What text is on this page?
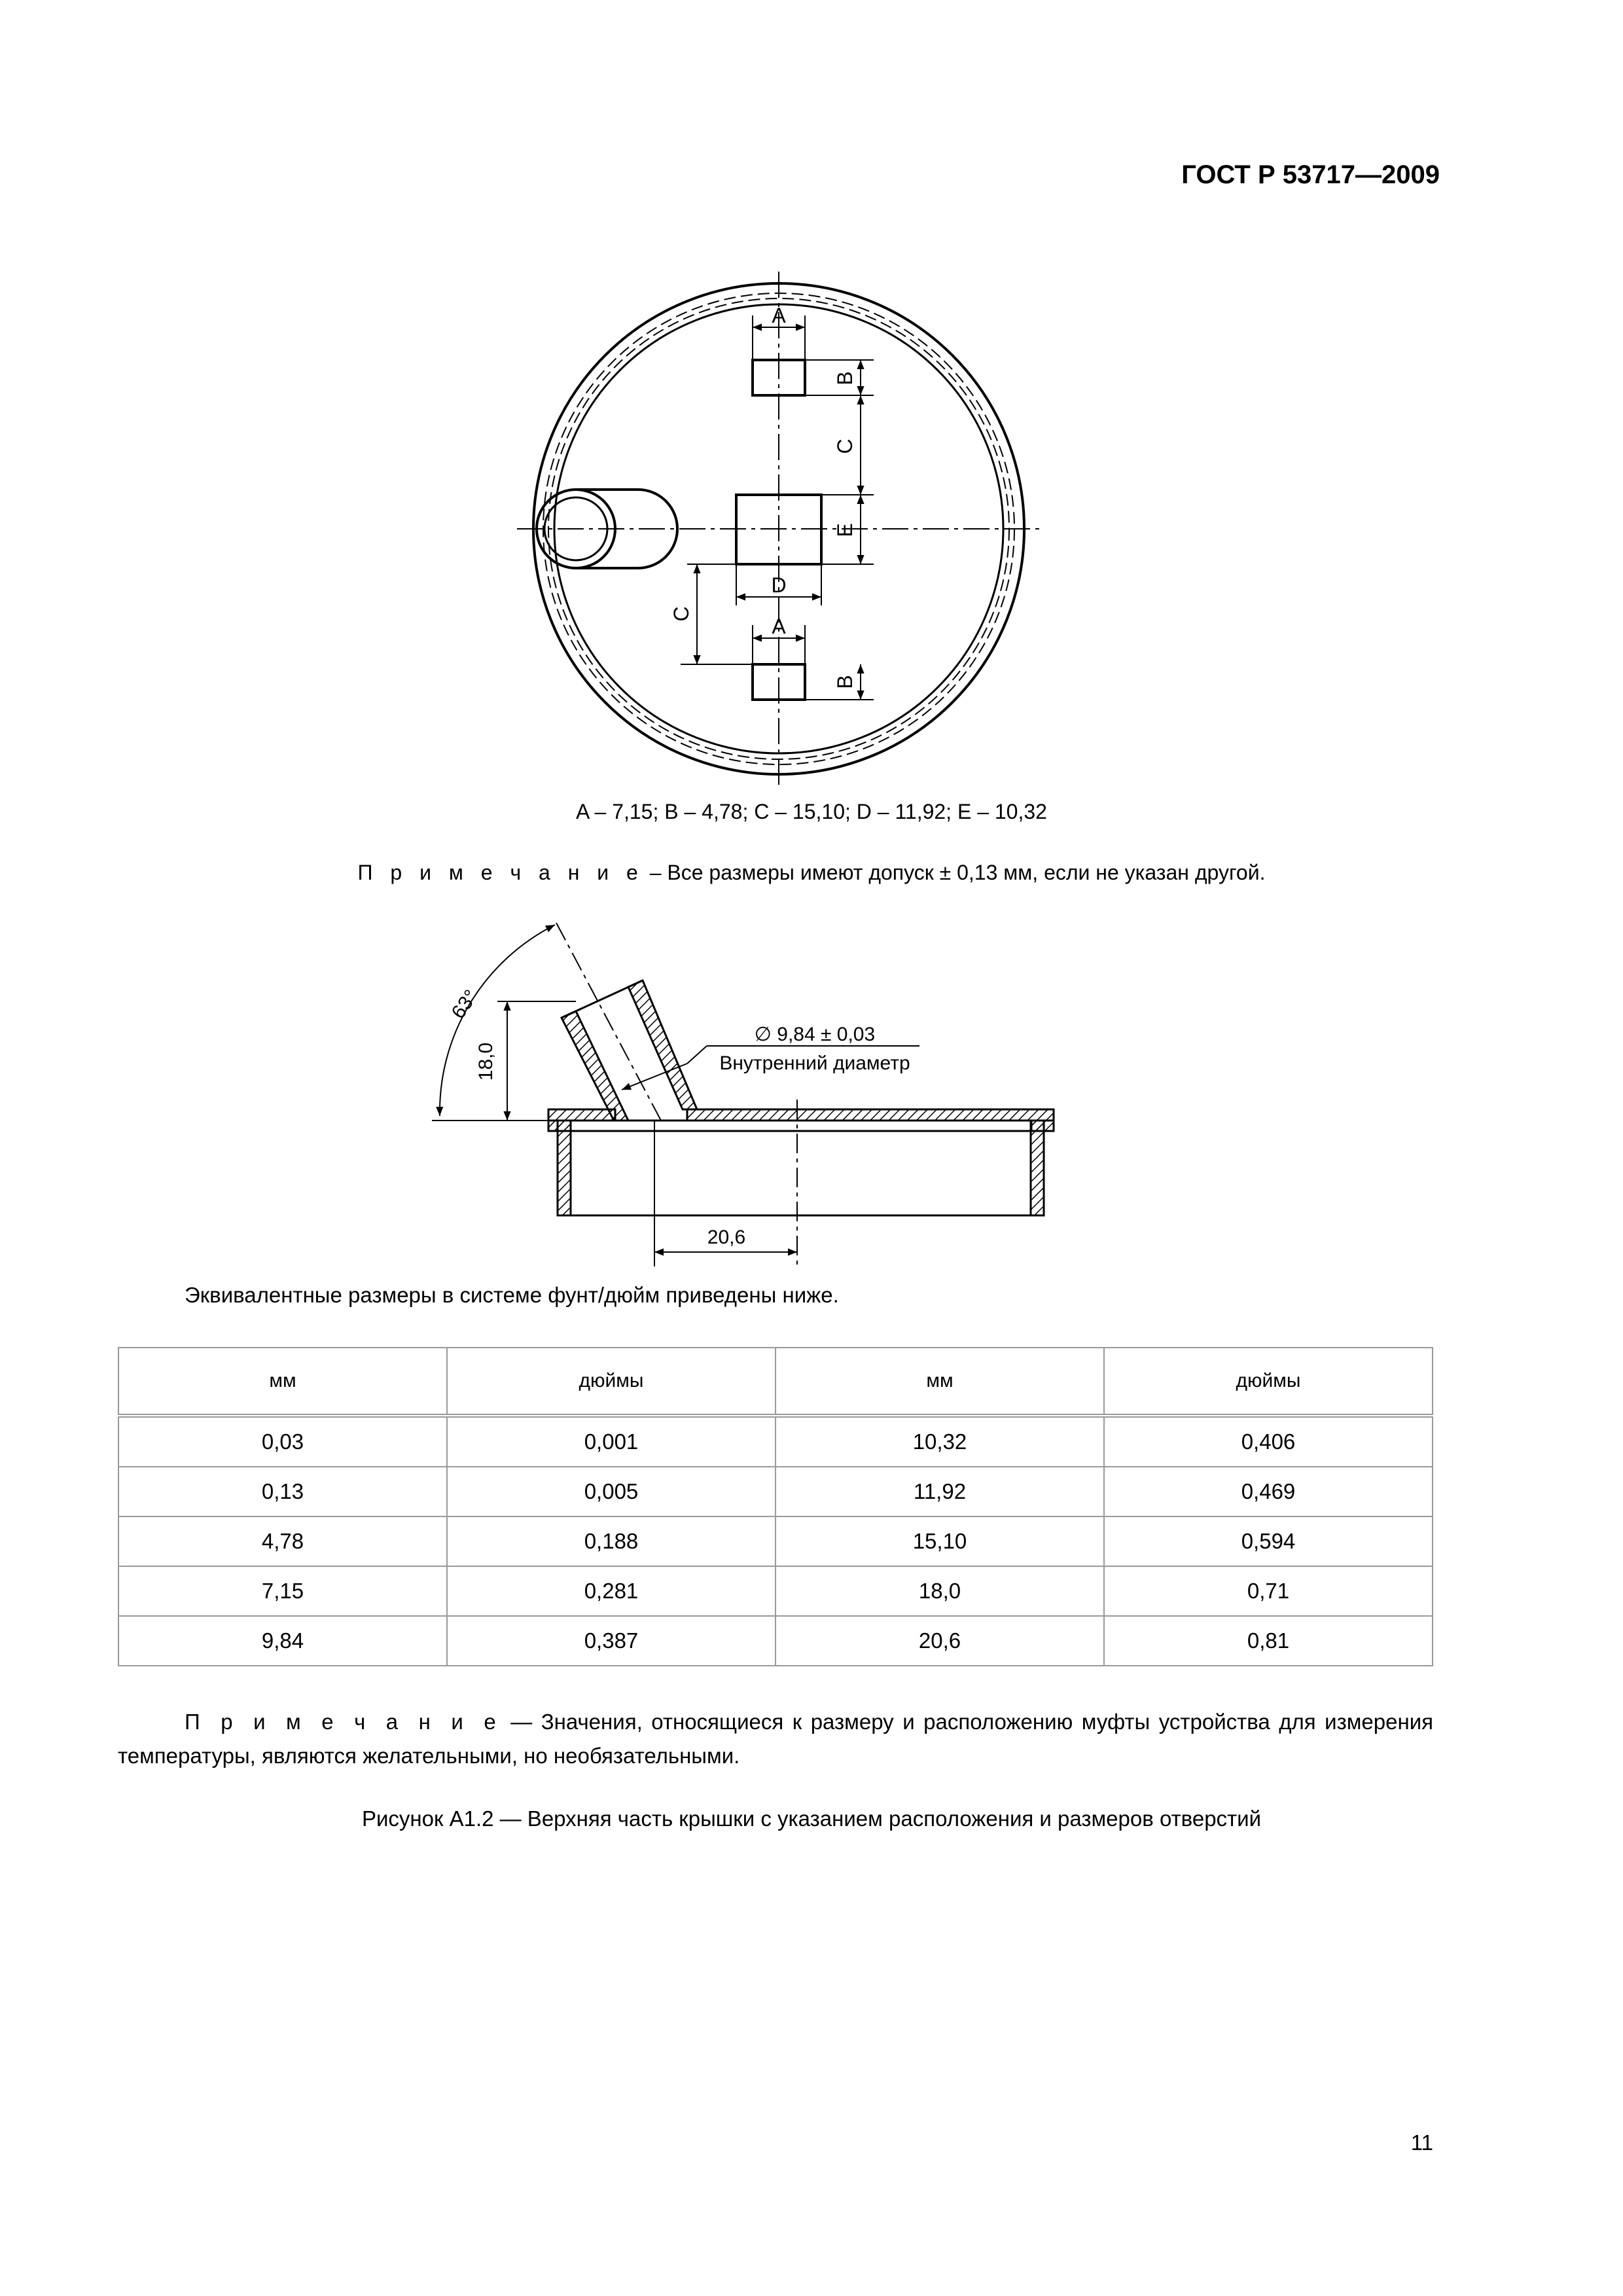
ГОСТ Р 53717—2009
A
B
C
E
D
C
A
B
63°
18,0
∅ 9,84 ± 0,03
Внутренний диаметр
20,6
A – 7,15; B – 4,78; C – 15,10; D – 11,92; E – 10,32
П р и м е ч а н и е – Все размеры имеют допуск ± 0,13 мм, если не указан другой.
Эквивалентные размеры в системе фунт/дюйм приведены ниже.
мм	дюймы	мм	дюймы
0,03	0,001	10,32	0,406
0,13	0,005	11,92	0,469
4,78	0,188	15,10	0,594
7,15	0,281	18,0	0,71
9,84	0,387	20,6	0,81
П р и м е ч а н и е — Значения, относящиеся к размеру и расположению муфты устройства для измерения температуры, являются желательными, но необязательными.
Рисунок А1.2 — Верхняя часть крышки с указанием расположения и размеров отверстий
11
